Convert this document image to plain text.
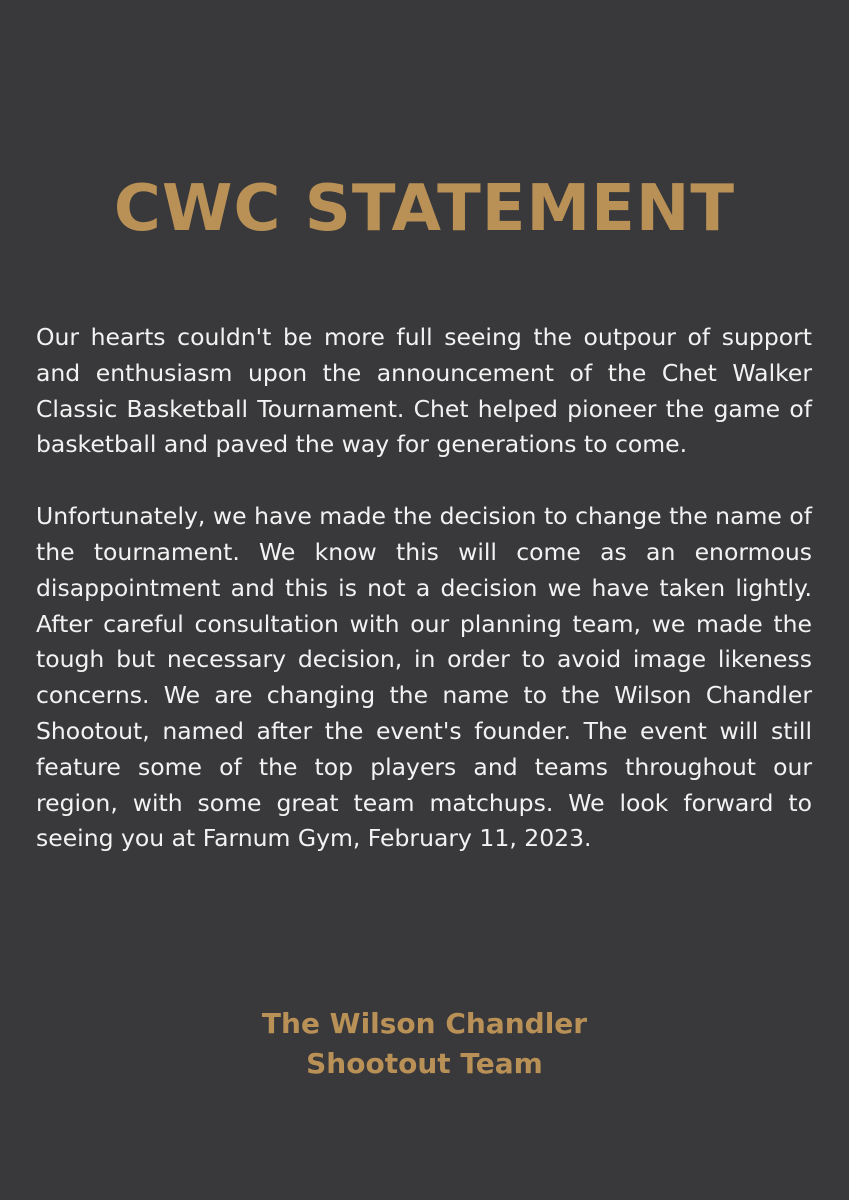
CWC STATEMENT

Our hearts couldn't be more full seeing the outpour of support and enthusiasm upon the announcement of the Chet Walker Classic Basketball Tournament. Chet helped pioneer the game of basketball and paved the way for generations to come.

Unfortunately, we have made the decision to change the name of the tournament. We know this will come as an enormous disappointment and this is not a decision we have taken lightly. After careful consultation with our planning team, we made the tough but necessary decision, in order to avoid image likeness concerns. We are changing the name to the Wilson Chandler Shootout, named after the event's founder. The event will still feature some of the top players and teams throughout our region, with some great team matchups. We look forward to seeing you at Farnum Gym, February 11, 2023.

The Wilson Chandler
Shootout Team
